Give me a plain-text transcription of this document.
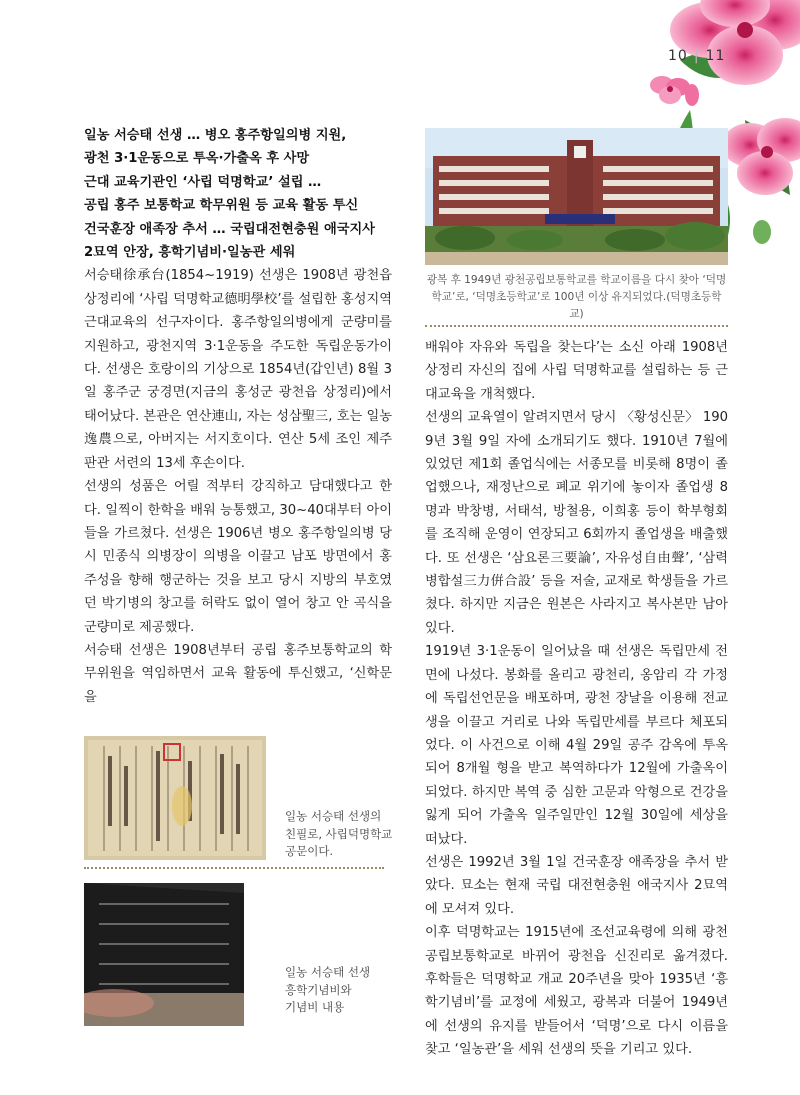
10 | 11

일농 서승태 선생 … 병오 홍주항일의병 지원,

광천 3·1운동으로 투옥·가출옥 후 사망

근대 교육기관인 ‘사립 덕명학교’ 설립 …

공립 홍주 보통학교 학무위원 등 교육 활동 투신

건국훈장 애족장 추서 … 국립대전현충원 애국지사

2묘역 안장, 흥학기념비·일농관 세워

서승태徐承台(1854~1919) 선생은 1908년 광천읍 상정리에 ‘사립 덕명학교德明學校’를 설립한 홍성지역 근대교육의 선구자이다. 홍주항일의병에게 군량미를 지원하고, 광천지역 3·1운동을 주도한 독립운동가이다. 선생은 호랑이의 기상으로 1854년(갑인년) 8월 3일 홍주군 궁경면(지금의 홍성군 광천읍 상정리)에서 태어났다. 본관은 연산連山, 자는 성삼聖三, 호는 일농逸農으로, 아버지는 서지호이다. 연산 5세 조인 제주판관 서련의 13세 후손이다.

선생의 성품은 어릴 적부터 강직하고 담대했다고 한다. 일찍이 한학을 배워 능통했고, 30~40대부터 아이들을 가르쳤다. 선생은 1906년 병오 홍주항일의병 당시 민종식 의병장이 의병을 이끌고 남포 방면에서 홍주성을 향해 행군하는 것을 보고 당시 지방의 부호였던 박기병의 창고를 허락도 없이 열어 창고 안 곡식을 군량미로 제공했다.

서승태 선생은 1908년부터 공립 홍주보통학교의 학무위원을 역임하면서 교육 활동에 투신했고, ‘신학문을

광복 후 1949년 광천공립보통학교를 학교이름을 다시 찾아 ‘덕명학교’로, ‘덕명초등학교’로 100년 이상 유지되었다.(덕명초등학교)

배워야 자유와 독립을 찾는다’는 소신 아래 1908년 상정리 자신의 집에 사립 덕명학교를 설립하는 등 근대교육을 개척했다.

선생의 교육열이 알려지면서 당시 〈황성신문〉 1909년 3월 9일 자에 소개되기도 했다. 1910년 7월에 있었던 제1회 졸업식에는 서종모를 비롯해 8명이 졸업했으나, 재정난으로 폐교 위기에 놓이자 졸업생 8명과 박창병, 서태석, 방철용, 이희홍 등이 학부형회를 조직해 운영이 연장되고 6회까지 졸업생을 배출했다. 또 선생은 ‘삼요론三要論’, 자유성自由聲’, ‘삼력병합설三力倂合設’ 등을 저술, 교재로 학생들을 가르쳤다. 하지만 지금은 원본은 사라지고 복사본만 남아 있다.

1919년 3·1운동이 일어났을 때 선생은 독립만세 전면에 나섰다. 봉화를 올리고 광천리, 옹암리 각 가정에 독립선언문을 배포하며, 광천 장날을 이용해 전교생을 이끌고 거리로 나와 독립만세를 부르다 체포되었다. 이 사건으로 이해 4월 29일 공주 감옥에 투옥되어 8개월 형을 받고 복역하다가 12월에 가출옥이 되었다. 하지만 복역 중 심한 고문과 악형으로 건강을 잃게 되어 가출옥 일주일만인 12월 30일에 세상을 떠났다.

선생은 1992년 3월 1일 건국훈장 애족장을 추서 받았다. 묘소는 현재 국립 대전현충원 애국지사 2묘역에 모셔져 있다.

이후 덕명학교는 1915년에 조선교육령에 의해 광천공립보통학교로 바뀌어 광천읍 신진리로 옮겨졌다. 후학들은 덕명학교 개교 20주년을 맞아 1935년 ‘흥학기념비’를 교정에 세웠고, 광복과 더불어 1949년에 선생의 유지를 받들어서 ‘덕명’으로 다시 이름을 찾고 ‘일농관’을 세워 선생의 뜻을 기리고 있다.

일농 서승태 선생의
친필로, 사립덕명학교
공문이다.
일농 서승태 선생
흥학기념비와
기념비 내용
